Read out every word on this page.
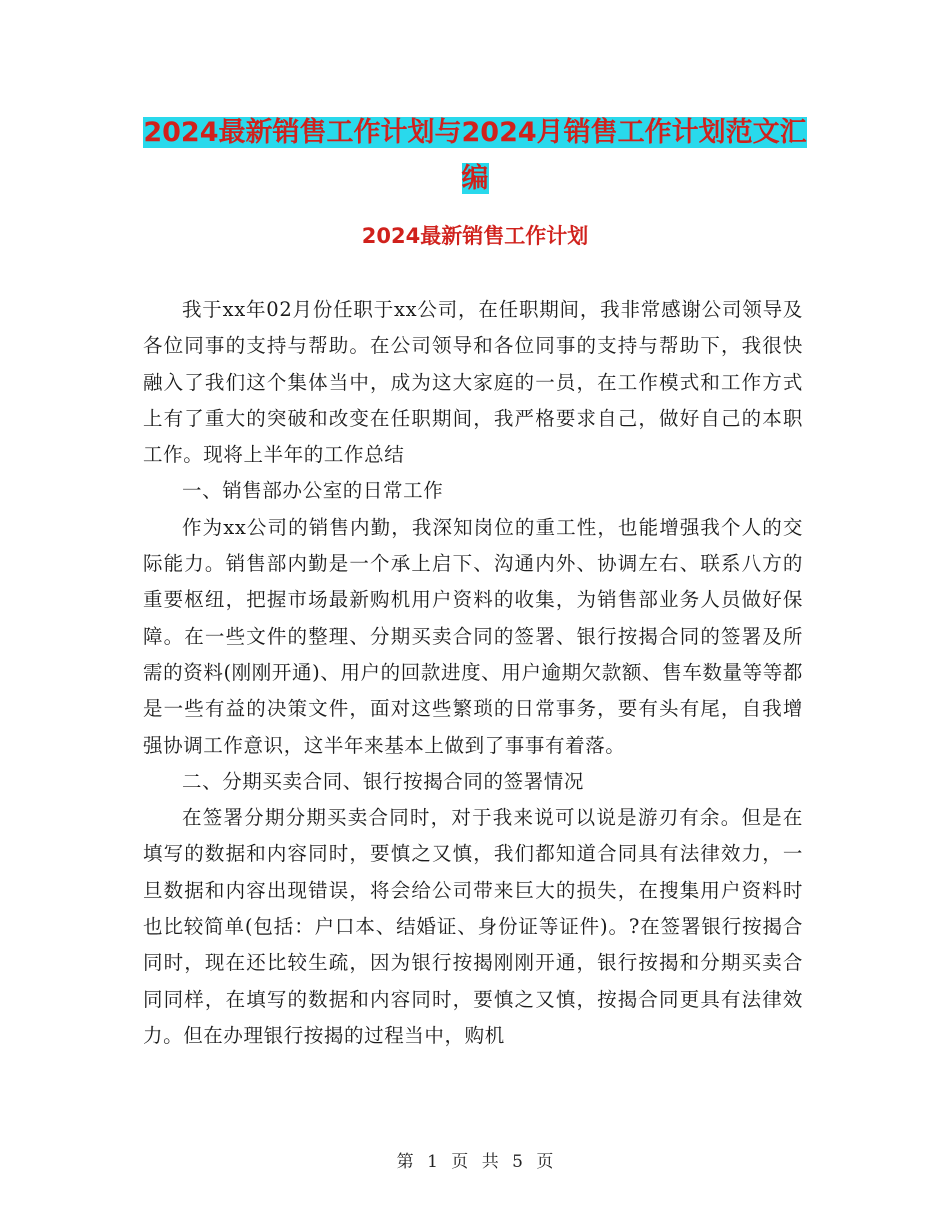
2024最新销售工作计划与2024月销售工作计划范文汇
编
2024最新销售工作计划

我于xx年02月份任职于xx公司，在任职期间，我非常感谢公司领导及各位同事的支持与帮助。在公司领导和各位同事的支持与帮助下，我很快融入了我们这个集体当中，成为这大家庭的一员，在工作模式和工作方式上有了重大的突破和改变在任职期间，我严格要求自己，做好自己的本职工作。现将上半年的工作总结

一、销售部办公室的日常工作

作为xx公司的销售内勤，我深知岗位的重工性，也能增强我个人的交际能力。销售部内勤是一个承上启下、沟通内外、协调左右、联系八方的重要枢纽，把握市场最新购机用户资料的收集，为销售部业务人员做好保障。在一些文件的整理、分期买卖合同的签署、银行按揭合同的签署及所需的资料(刚刚开通)、用户的回款进度、用户逾期欠款额、售车数量等等都是一些有益的决策文件，面对这些繁琐的日常事务，要有头有尾，自我增强协调工作意识，这半年来基本上做到了事事有着落。

二、分期买卖合同、银行按揭合同的签署情况

在签署分期分期买卖合同时，对于我来说可以说是游刃有余。但是在填写的数据和内容同时，要慎之又慎，我们都知道合同具有法律效力，一旦数据和内容出现错误，将会给公司带来巨大的损失，在搜集用户资料时也比较简单(包括：户口本、结婚证、身份证等证件)。?在签署银行按揭合同时，现在还比较生疏，因为银行按揭刚刚开通，银行按揭和分期买卖合同同样，在填写的数据和内容同时，要慎之又慎，按揭合同更具有法律效力。但在办理银行按揭的过程当中，购机

第 1 页 共 5 页
